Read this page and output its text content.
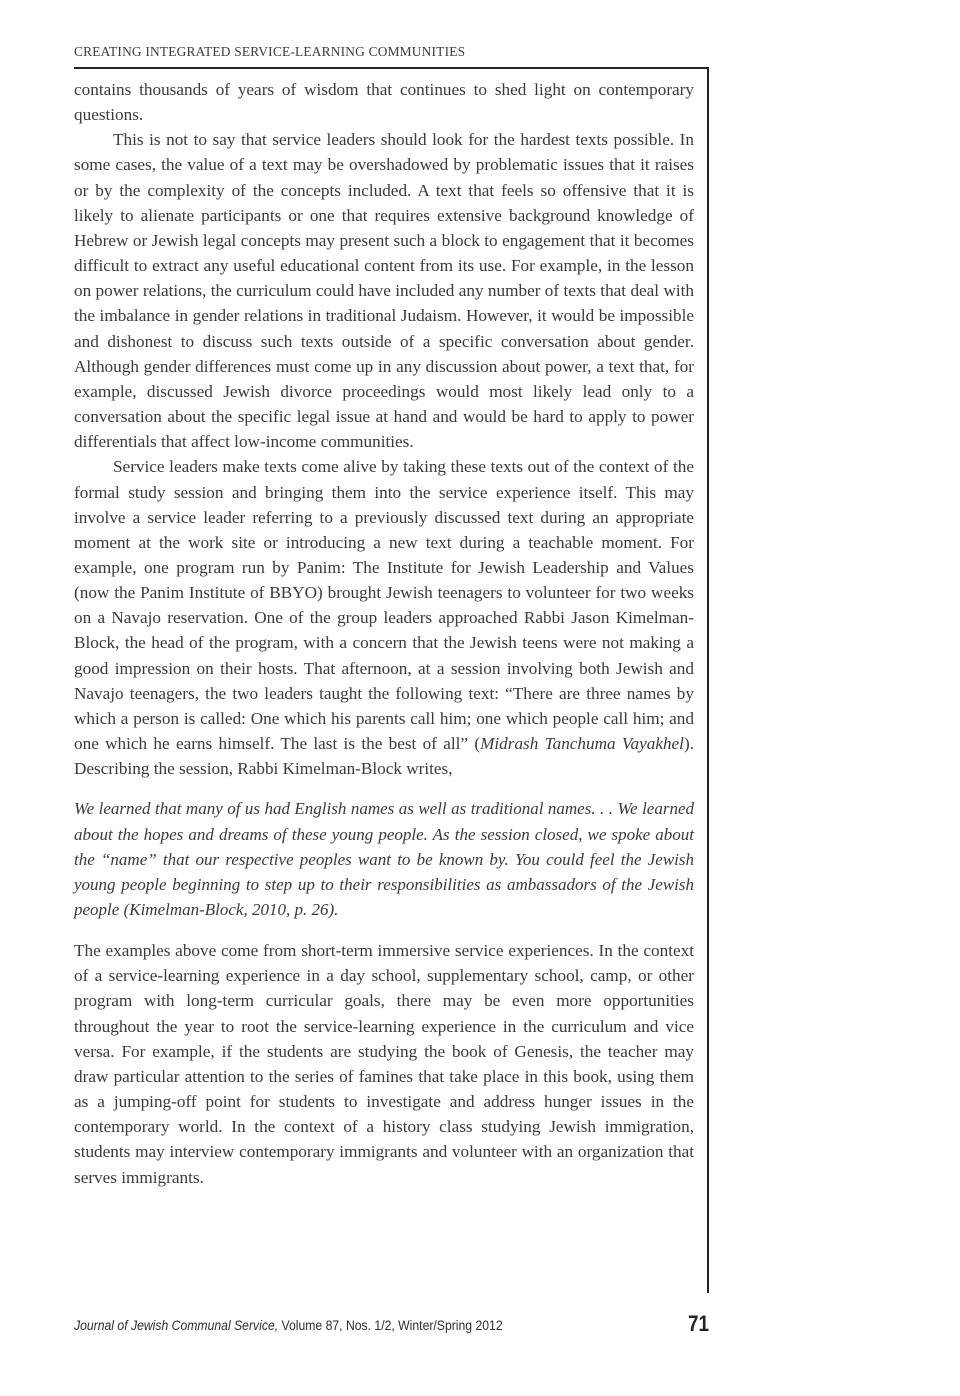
CREATING INTEGRATED SERVICE-LEARNING COMMUNITIES

contains thousands of years of wisdom that continues to shed light on contemporary questions.

This is not to say that service leaders should look for the hardest texts possible. In some cases, the value of a text may be overshadowed by problematic issues that it raises or by the complexity of the concepts included. A text that feels so offensive that it is likely to alienate participants or one that requires extensive background knowledge of Hebrew or Jewish legal concepts may present such a block to engagement that it becomes difficult to extract any useful educational content from its use. For example, in the lesson on power relations, the curriculum could have included any number of texts that deal with the imbalance in gender relations in traditional Judaism. However, it would be impossible and dishonest to discuss such texts outside of a specific conversation about gender. Although gender differences must come up in any discussion about power, a text that, for example, discussed Jewish divorce proceedings would most likely lead only to a conversation about the specific legal issue at hand and would be hard to apply to power differentials that affect low-income communities.

Service leaders make texts come alive by taking these texts out of the context of the formal study session and bringing them into the service experience itself. This may involve a service leader referring to a previously discussed text during an appropriate moment at the work site or introducing a new text during a teachable moment. For example, one program run by Panim: The Institute for Jewish Leadership and Values (now the Panim Institute of BBYO) brought Jewish teenagers to volunteer for two weeks on a Navajo reservation. One of the group leaders approached Rabbi Jason Kimelman-Block, the head of the program, with a concern that the Jewish teens were not making a good impression on their hosts. That afternoon, at a session involving both Jewish and Navajo teenagers, the two leaders taught the following text: “There are three names by which a person is called: One which his parents call him; one which people call him; and one which he earns himself. The last is the best of all” (Midrash Tanchuma Vayakhel). Describing the session, Rabbi Kimelman-Block writes,

We learned that many of us had English names as well as traditional names. . . We learned about the hopes and dreams of these young people. As the session closed, we spoke about the “name” that our respective peoples want to be known by. You could feel the Jewish young people beginning to step up to their responsibilities as ambassadors of the Jewish people (Kimelman-Block, 2010, p. 26).

The examples above come from short-term immersive service experiences. In the context of a service-learning experience in a day school, supplementary school, camp, or other program with long-term curricular goals, there may be even more opportunities throughout the year to root the service-learning experience in the curriculum and vice versa. For example, if the students are studying the book of Genesis, the teacher may draw particular attention to the series of famines that take place in this book, using them as a jumping-off point for students to investigate and address hunger issues in the contemporary world. In the context of a history class studying Jewish immigration, students may interview contemporary immigrants and volunteer with an organization that serves immigrants.

Journal of Jewish Communal Service, Volume 87, Nos. 1/2, Winter/Spring 2012	71
